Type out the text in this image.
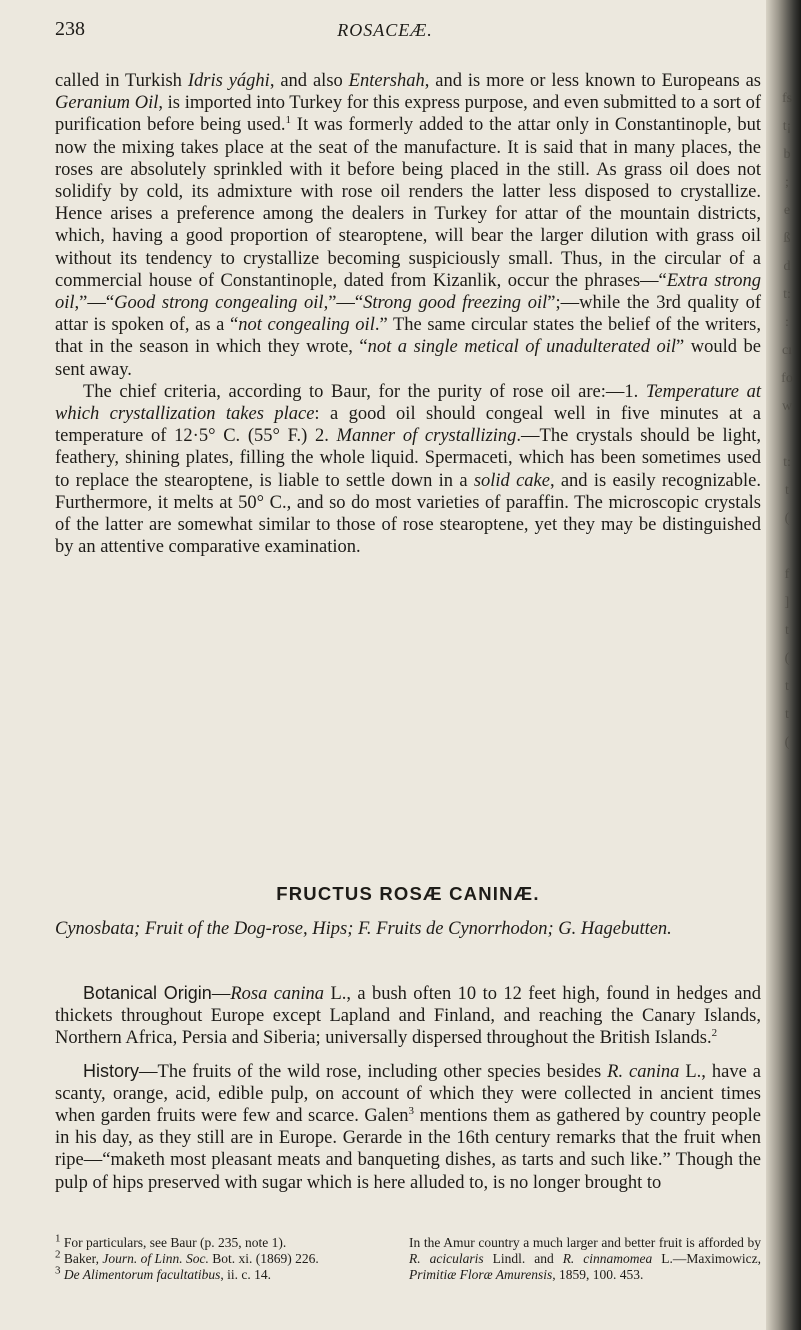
238	ROSACEÆ.

called in Turkish Idris yághi, and also Entershah, and is more or less known to Europeans as Geranium Oil, is imported into Turkey for this express purpose, and even submitted to a sort of purification before being used.$^1$ It was formerly added to the attar only in Constantinople, but now the mixing takes place at the seat of the manufacture. It is said that in many places, the roses are absolutely sprinkled with it before being placed in the still. As grass oil does not solidify by cold, its admixture with rose oil renders the latter less disposed to crystallize. Hence arises a preference among the dealers in Turkey for attar of the mountain districts, which, having a good proportion of stearoptene, will bear the larger dilution with grass oil without its tendency to crystallize becoming suspiciously small. Thus, in the circular of a commercial house of Constantinople, dated from Kizanlik, occur the phrases—“Extra strong oil,”—“Good strong congealing oil,”—“Strong good freezing oil”;—while the 3rd quality of attar is spoken of, as a “not congealing oil.” The same circular states the belief of the writers, that in the season in which they wrote, “not a single metical of unadulterated oil” would be sent away.

The chief criteria, according to Baur, for the purity of rose oil are:—1. Temperature at which crystallization takes place: a good oil should congeal well in five minutes at a temperature of 12·5° C. (55° F.) 2. Manner of crystallizing.—The crystals should be light, feathery, shining plates, filling the whole liquid. Spermaceti, which has been sometimes used to replace the stearoptene, is liable to settle down in a solid cake, and is easily recognizable. Furthermore, it melts at 50° C., and so do most varieties of paraffin. The microscopic crystals of the latter are somewhat similar to those of rose stearoptene, yet they may be distinguished by an attentive comparative examination.

FRUCTUS ROSÆ CANINÆ.
Cynosbata; Fruit of the Dog-rose, Hips; F. Fruits de Cynorrhodon; G. Hagebutten.

Botanical Origin—Rosa canina L., a bush often 10 to 12 feet high, found in hedges and thickets throughout Europe except Lapland and Finland, and reaching the Canary Islands, Northern Africa, Persia and Siberia; universally dispersed throughout the British Islands.$^2$

History—The fruits of the wild rose, including other species besides R. canina L., have a scanty, orange, acid, edible pulp, on account of which they were collected in ancient times when garden fruits were few and scarce. Galen$^3$ mentions them as gathered by country people in his day, as they still are in Europe. Gerarde in the 16th century remarks that the fruit when ripe—“maketh most pleasant meats and banqueting dishes, as tarts and such like.” Though the pulp of hips preserved with sugar which is here alluded to, is no longer brought to

$^1$ For particulars, see Baur (p. 235, note 1).

$^2$ Baker, Journ. of Linn. Soc. Bot. xi. (1869) 226.

$^3$ De Alimentorum facultatibus, ii. c. 14.

In the Amur country a much larger and better fruit is afforded by R. acicularis Lindl. and R. cinnamomea L.—Maximowicz, Primitiæ Floræ Amurensis, 1859, 100. 453.

fs
t¡
b
;
e
ß
d
t:
:
cı
fo
w

t:
t
(

f
]
t
(
t
t
(
